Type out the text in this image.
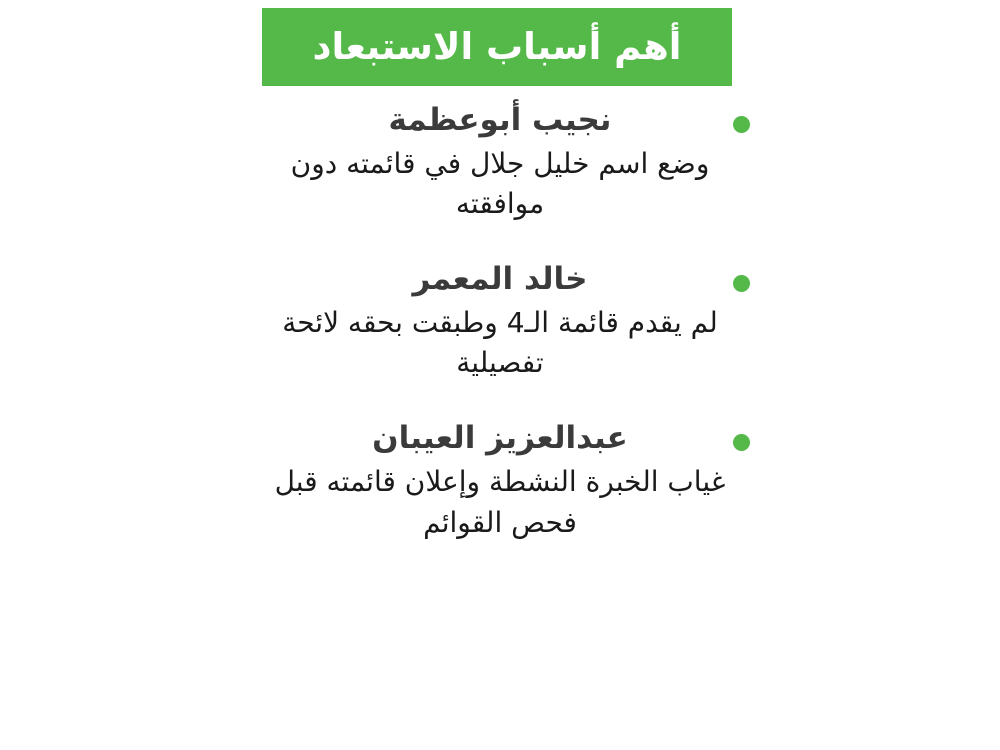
أهم أسباب الاستبعاد
نجيب أبوعظمة
وضع اسم خليل جلال في قائمته دون موافقته
خالد المعمر
لم يقدم قائمة الـ4 وطبقت بحقه لائحة تفصيلية
عبدالعزيز العيبان
غياب الخبرة النشطة وإعلان قائمته قبل فحص القوائم
